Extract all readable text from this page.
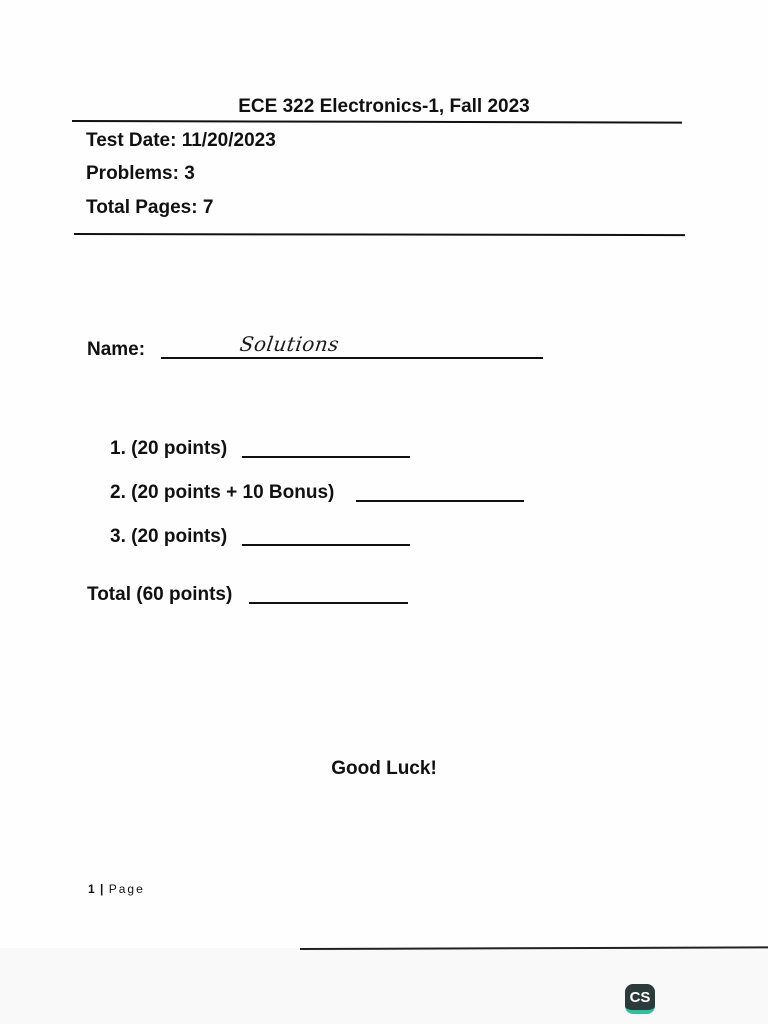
ECE 322 Electronics-1, Fall 2023
Test Date: 11/20/2023
Problems: 3
Total Pages: 7
Name:	Solutions
1. (20 points)
2. (20 points + 10 Bonus)
3. (20 points)
Total (60 points)
Good Luck!
1 | Page
CS
